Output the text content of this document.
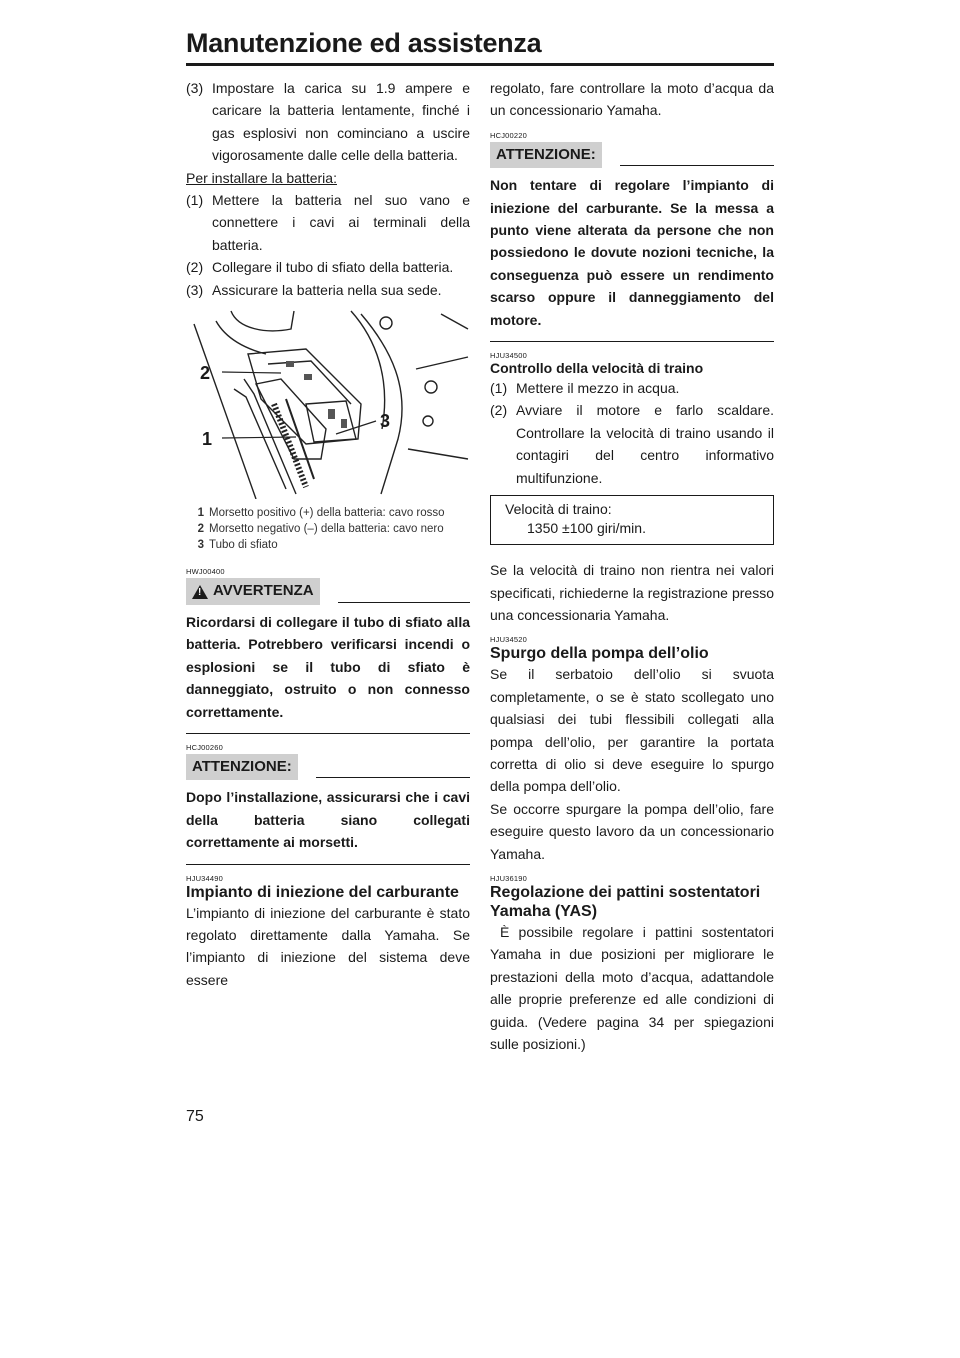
Manutenzione ed assistenza
(3) Impostare la carica su 1.9 ampere e caricare la batteria lentamente, finché i gas esplosivi non cominciano a uscire vigorosamente dalle celle della batteria.

Per installare la batteria:

(1) Mettere la batteria nel suo vano e connettere i cavi ai terminali della batteria.
(2) Collegare il tubo di sfiato della batteria.
(3) Assicurare la batteria nella sua sede.
2
1
3
1 Morsetto positivo (+) della batteria: cavo rosso
2 Morsetto negativo (–) della batteria: cavo nero
3 Tubo di sfiato
HWJ00400
! AVVERTENZA

Ricordarsi di collegare il tubo di sfiato alla batteria. Potrebbero verificarsi incendi o esplosioni se il tubo di sfiato è danneggiato, ostruito o non connesso correttamente.

HCJ00260
ATTENZIONE:

Dopo l’installazione, assicurarsi che i cavi della batteria siano collegati correttamente ai morsetti.

HJU34490

Impianto di iniezione del carburante

L’impianto di iniezione del carburante è stato regolato direttamente dalla Yamaha. Se l’impianto di iniezione del sistema deve essere

regolato, fare controllare la moto d’acqua da un concessionario Yamaha.

HCJ00220
ATTENZIONE:

Non tentare di regolare l’impianto di iniezione del carburante. Se la messa a punto viene alterata da persone che non possiedono le dovute nozioni tecniche, la conseguenza può essere un rendimento scarso oppure il danneggiamento del motore.

HJU34500

Controllo della velocità di traino

(1) Mettere il mezzo in acqua.
(2) Avviare il motore e farlo scaldare. Controllare la velocità di traino usando il contagiri del centro informativo multifunzione.
Velocità di traino:
1350 ±100 giri/min.

Se la velocità di traino non rientra nei valori specificati, richiederne la registrazione presso una concessionaria Yamaha.

HJU34520

Spurgo della pompa dell’olio

Se il serbatoio dell’olio si svuota completamente, o se è stato scollegato uno qualsiasi dei tubi flessibili collegati alla pompa dell’olio, per garantire la portata corretta di olio si deve eseguire lo spurgo della pompa dell’olio.

Se occorre spurgare la pompa dell’olio, fare eseguire questo lavoro da un concessionario Yamaha.

HJU36190

Regolazione dei pattini sostentatori Yamaha (YAS)

È possibile regolare i pattini sostentatori Yamaha in due posizioni per migliorare le prestazioni della moto d’acqua, adattandole alle proprie preferenze ed alle condizioni di guida. (Vedere pagina 34 per spiegazioni sulle posizioni.)

75
